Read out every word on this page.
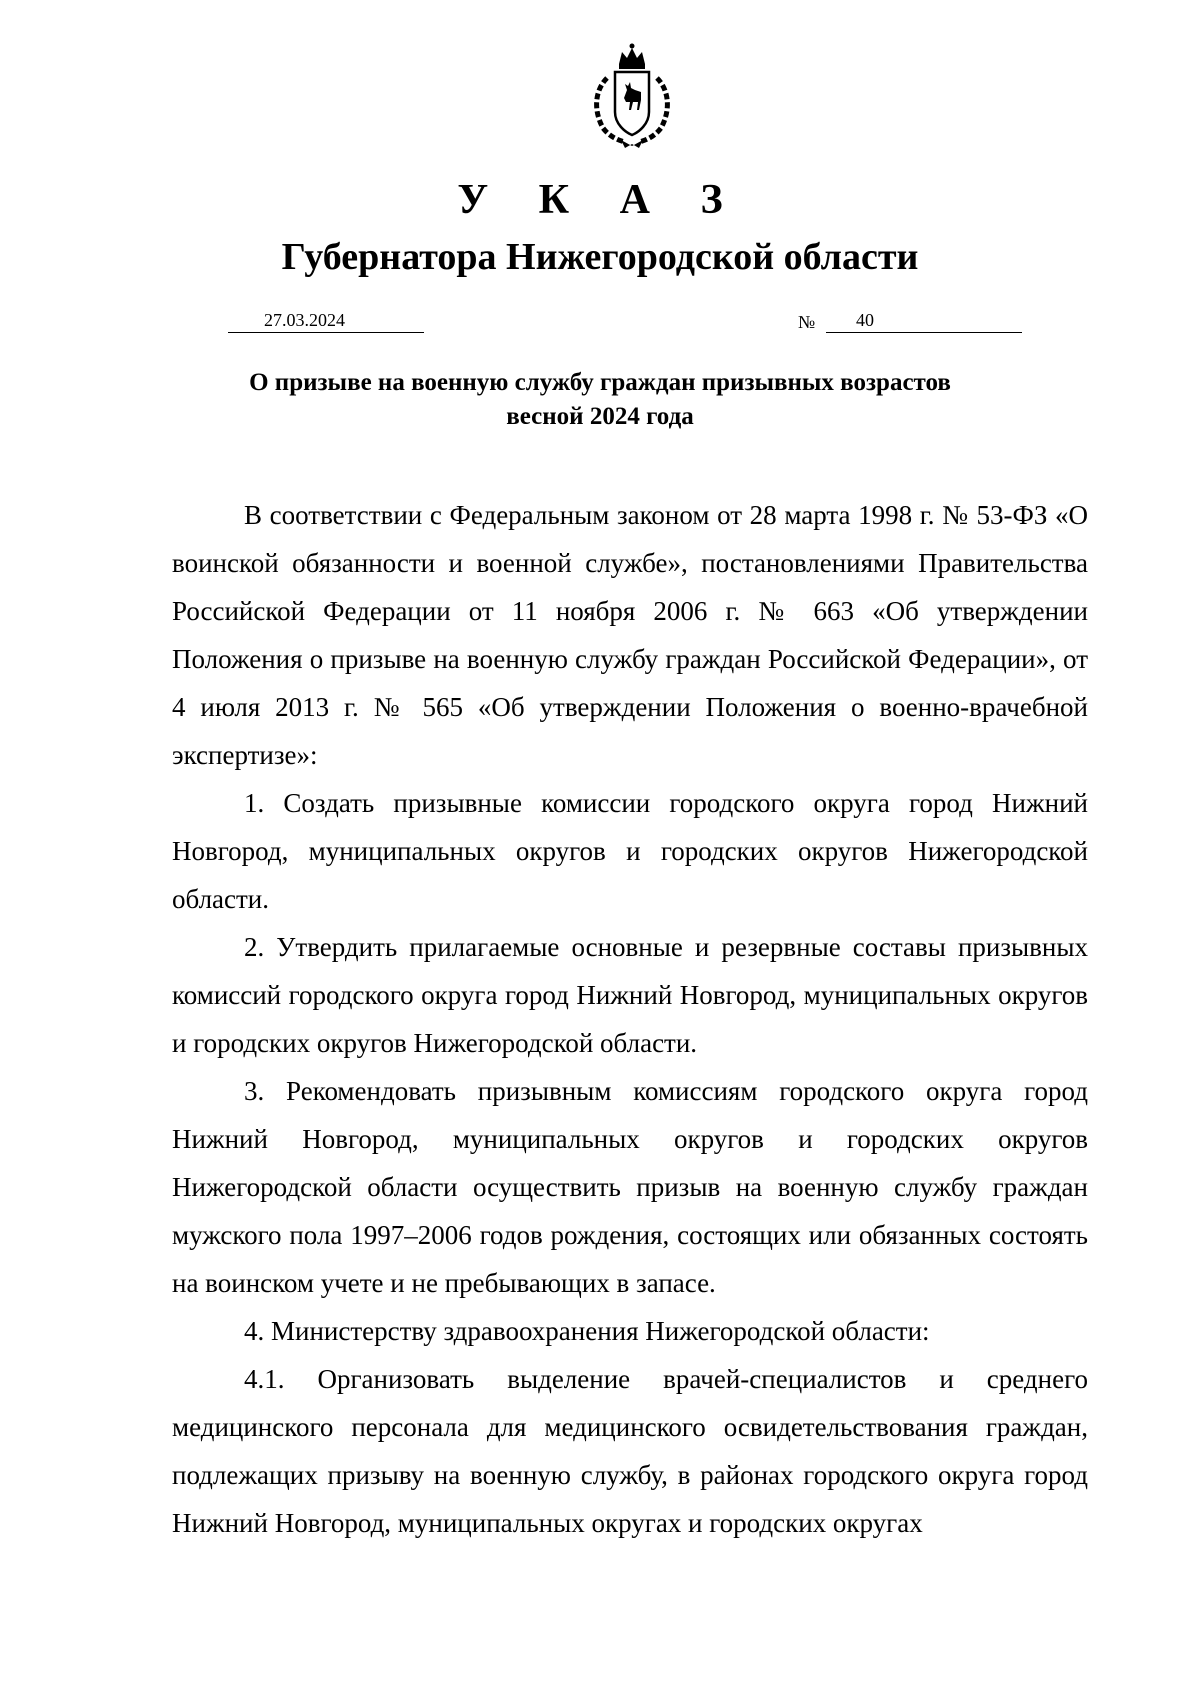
У К А З
Губернатора Нижегородской области
27.03.2024	№ 40
О призыве на военную службу граждан призывных возрастов
весной 2024 года

В соответствии с Федеральным законом от 28 марта 1998 г. № 53-ФЗ «О воинской обязанности и военной службе», постановлениями Правительства Российской Федерации от 11 ноября 2006 г. № 663 «Об утверждении Положения о призыве на военную службу граждан Российской Федерации», от 4 июля 2013 г. № 565 «Об утверждении Положения о военно-врачебной экспертизе»:

1. Создать призывные комиссии городского округа город Нижний Новгород, муниципальных округов и городских округов Нижегородской области.

2. Утвердить прилагаемые основные и резервные составы призывных комиссий городского округа город Нижний Новгород, муниципальных округов и городских округов Нижегородской области.

3. Рекомендовать призывным комиссиям городского округа город Нижний Новгород, муниципальных округов и городских округов Нижегородской области осуществить призыв на военную службу граждан мужского пола 1997–2006 годов рождения, состоящих или обязанных состоять на воинском учете и не пребывающих в запасе.

4. Министерству здравоохранения Нижегородской области:

4.1. Организовать выделение врачей-специалистов и среднего медицинского персонала для медицинского освидетельствования граждан, подлежащих призыву на военную службу, в районах городского округа город Нижний Новгород, муниципальных округах и городских округах
